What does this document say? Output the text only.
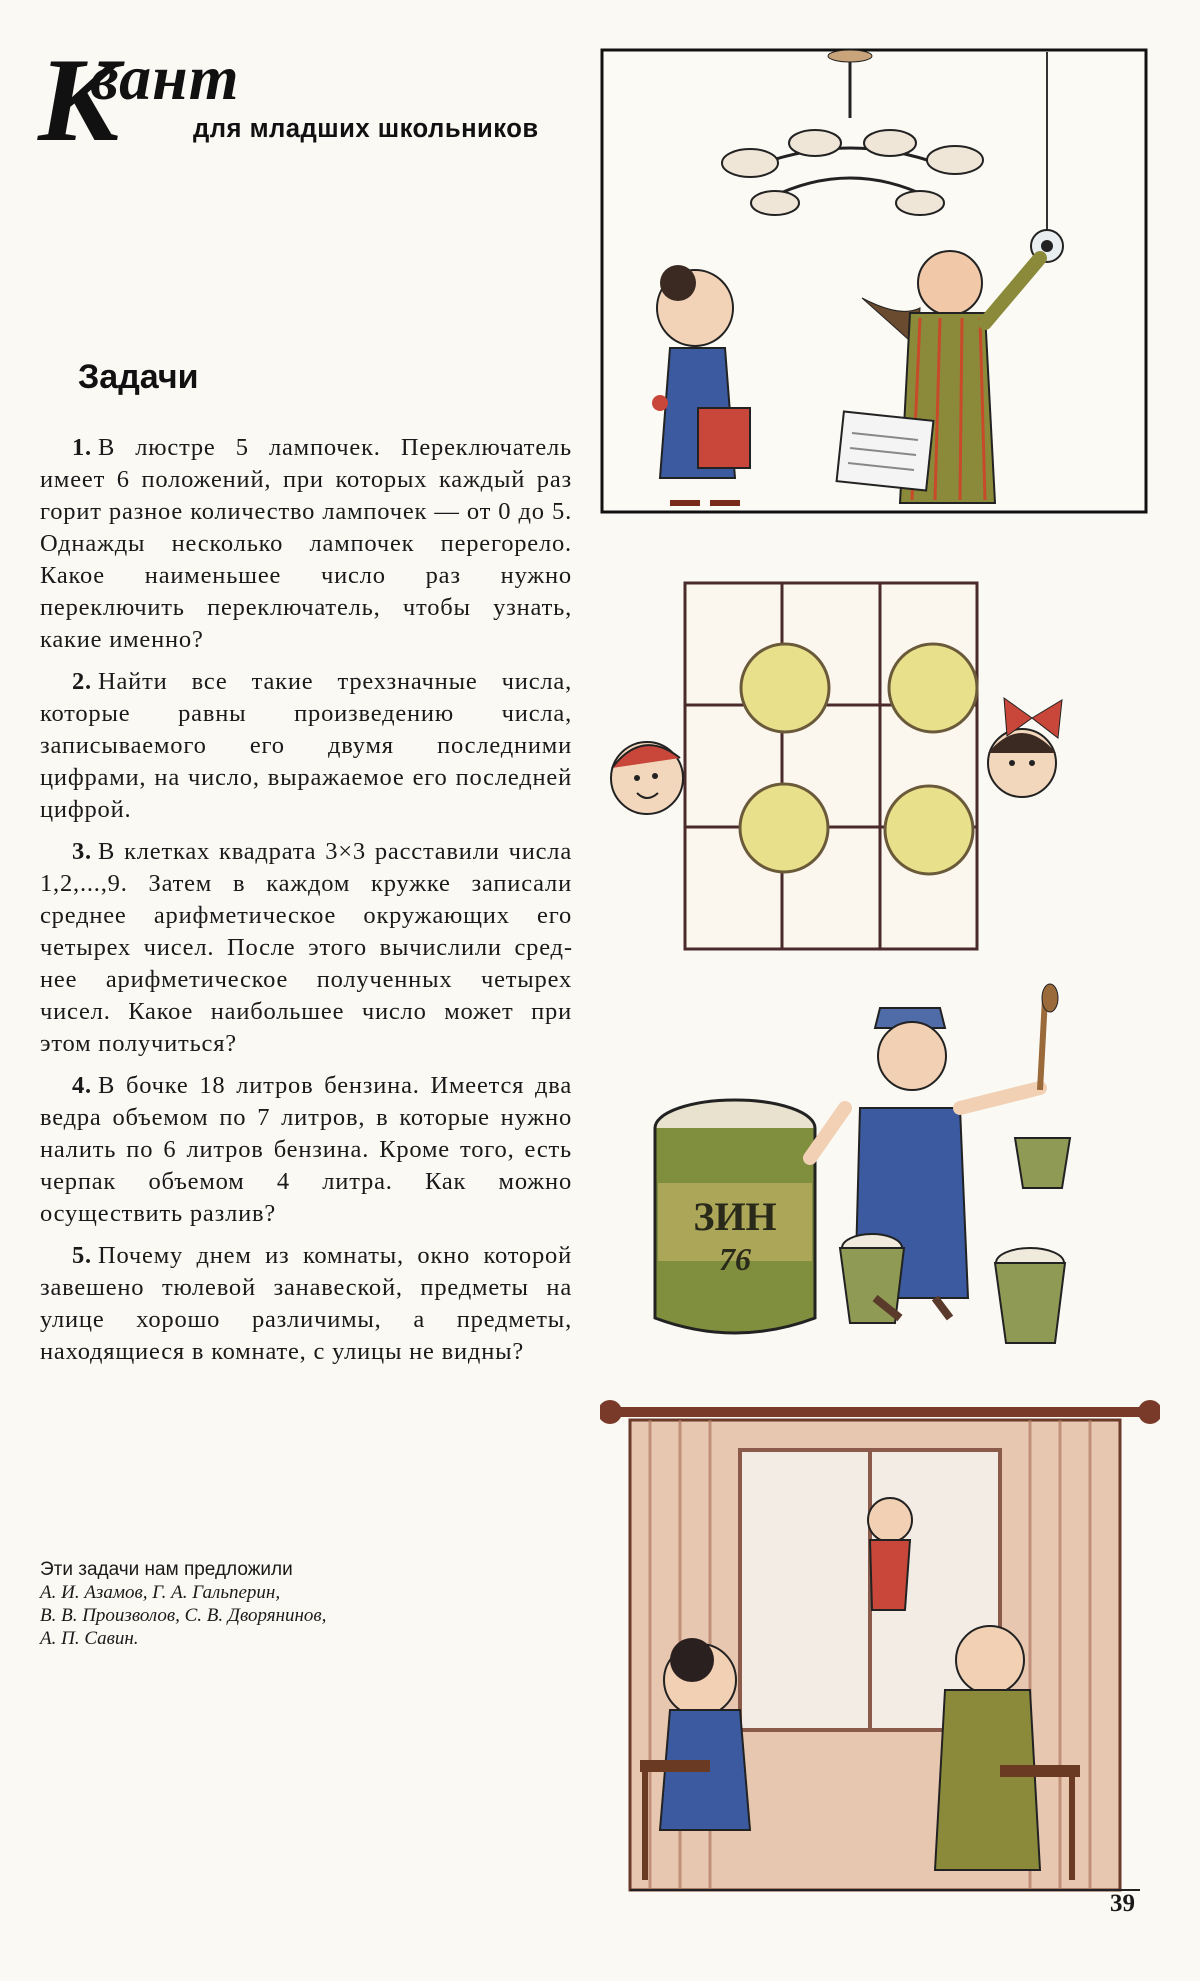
К
вант
для младших школьников
Задачи

1. В люстре 5 лампочек. Переключатель имеет 6 положений, при которых каждый раз горит разное количество лампочек — от 0 до 5. Однажды несколько лампочек перегорело. Какое наименьшее число раз нужно переключить переключатель, чтобы узнать, какие именно?

2. Найти все такие трехзначные числа, которые равны произведению числа, записываемого его двумя последними цифрами, на число, выражаемое его последней цифрой.

3. В клетках квадрата 3×3 расставили числа 1,2,...,9. Затем в каждом кружке записали среднее арифметическое окружающих его четырех чисел. После этого вычислили среднее арифметическое полученных четырех чисел. Какое наибольшее число может при этом получиться?

4. В бочке 18 литров бензина. Имеется два ведра объемом по 7 литров, в которые нужно налить по 6 литров бензина. Кроме того, есть черпак объемом 4 литра. Как можно осуществить разлив?

5. Почему днем из комнаты, окно которой завешено тюлевой занавеской, предметы на улице хорошо различимы, а предметы, находящиеся в комнате, с улицы не видны?

Эти задачи нам предложили
А. И. Азамов, Г. А. Гальперин,
В. В. Произволов, С. В. Дворянинов,
А. П. Савин.
ЗИН
76
39
